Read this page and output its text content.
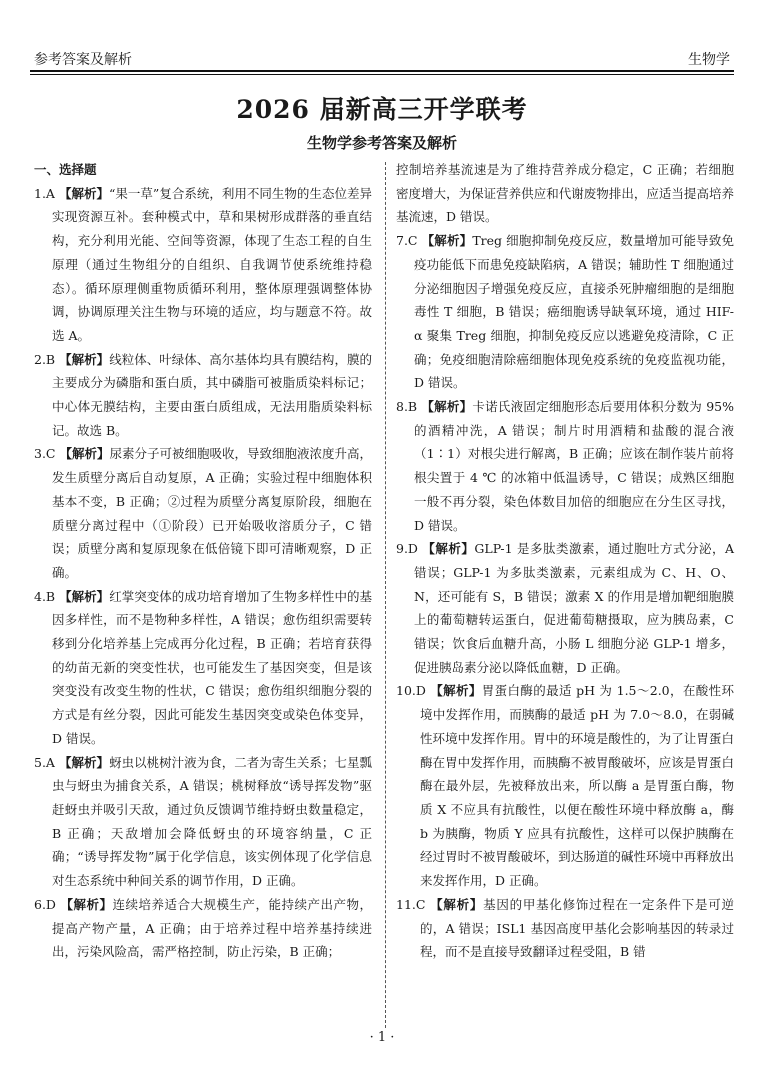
参考答案及解析	生物学
2026 届新高三开学联考
生物学参考答案及解析
一、选择题
1.A 【解析】“果一草”复合系统，利用不同生物的生态位差异实现资源互补。套种模式中，草和果树形成群落的垂直结构，充分利用光能、空间等资源，体现了生态工程的自生原理（通过生物组分的自组织、自我调节使系统维持稳态）。循环原理侧重物质循环利用，整体原理强调整体协调，协调原理关注生物与环境的适应，均与题意不符。故选 A。
2.B 【解析】线粒体、叶绿体、高尔基体均具有膜结构，膜的主要成分为磷脂和蛋白质，其中磷脂可被脂质染料标记；中心体无膜结构，主要由蛋白质组成，无法用脂质染料标记。故选 B。
3.C 【解析】尿素分子可被细胞吸收，导致细胞液浓度升高，发生质壁分离后自动复原，A 正确；实验过程中细胞体积基本不变，B 正确；②过程为质壁分离复原阶段，细胞在质壁分离过程中（①阶段）已开始吸收溶质分子，C 错误；质壁分离和复原现象在低倍镜下即可清晰观察，D 正确。
4.B 【解析】红掌突变体的成功培育增加了生物多样性中的基因多样性，而不是物种多样性，A 错误；愈伤组织需要转移到分化培养基上完成再分化过程，B 正确；若培育获得的幼苗无新的突变性状，也可能发生了基因突变，但是该突变没有改变生物的性状，C 错误；愈伤组织细胞分裂的方式是有丝分裂，因此可能发生基因突变或染色体变异，D 错误。
5.A 【解析】蚜虫以桃树汁液为食，二者为寄生关系；七星瓢虫与蚜虫为捕食关系，A 错误；桃树释放“诱导挥发物”驱赶蚜虫并吸引天敌，通过负反馈调节维持蚜虫数量稳定，B 正确；天敌增加会降低蚜虫的环境容纳量，C 正确；“诱导挥发物”属于化学信息，该实例体现了化学信息对生态系统中种间关系的调节作用，D 正确。
6.D 【解析】连续培养适合大规模生产，能持续产出产物，提高产物产量，A 正确；由于培养过程中培养基持续进出，污染风险高，需严格控制，防止污染，B 正确；
控制培养基流速是为了维持营养成分稳定，C 正确；若细胞密度增大，为保证营养供应和代谢废物排出，应适当提高培养基流速，D 错误。
7.C 【解析】Treg 细胞抑制免疫反应，数量增加可能导致免疫功能低下而患免疫缺陷病，A 错误；辅助性 T 细胞通过分泌细胞因子增强免疫反应，直接杀死肿瘤细胞的是细胞毒性 T 细胞，B 错误；癌细胞诱导缺氧环境，通过 HIF-α 聚集 Treg 细胞，抑制免疫反应以逃避免疫清除，C 正确；免疫细胞清除癌细胞体现免疫系统的免疫监视功能，D 错误。
8.B 【解析】卡诺氏液固定细胞形态后要用体积分数为 95% 的酒精冲洗，A 错误；制片时用酒精和盐酸的混合液（1∶1）对根尖进行解离，B 正确；应该在制作装片前将根尖置于 4 ℃ 的冰箱中低温诱导，C 错误；成熟区细胞一般不再分裂，染色体数目加倍的细胞应在分生区寻找，D 错误。
9.D 【解析】GLP-1 是多肽类激素，通过胞吐方式分泌，A 错误；GLP-1 为多肽类激素，元素组成为 C、H、O、N，还可能有 S，B 错误；激素 X 的作用是增加靶细胞膜上的葡萄糖转运蛋白，促进葡萄糖摄取，应为胰岛素，C 错误；饮食后血糖升高，小肠 L 细胞分泌 GLP-1 增多，促进胰岛素分泌以降低血糖，D 正确。
10.D 【解析】胃蛋白酶的最适 pH 为 1.5～2.0，在酸性环境中发挥作用，而胰酶的最适 pH 为 7.0～8.0，在弱碱性环境中发挥作用。胃中的环境是酸性的，为了让胃蛋白酶在胃中发挥作用，而胰酶不被胃酸破坏，应该是胃蛋白酶在最外层，先被释放出来，所以酶 a 是胃蛋白酶，物质 X 不应具有抗酸性，以便在酸性环境中释放酶 a，酶 b 为胰酶，物质 Y 应具有抗酸性，这样可以保护胰酶在经过胃时不被胃酸破坏，到达肠道的碱性环境中再释放出来发挥作用，D 正确。
11.C 【解析】基因的甲基化修饰过程在一定条件下是可逆的，A 错误；ISL1 基因高度甲基化会影响基因的转录过程，而不是直接导致翻译过程受阻，B 错
· 1 ·
